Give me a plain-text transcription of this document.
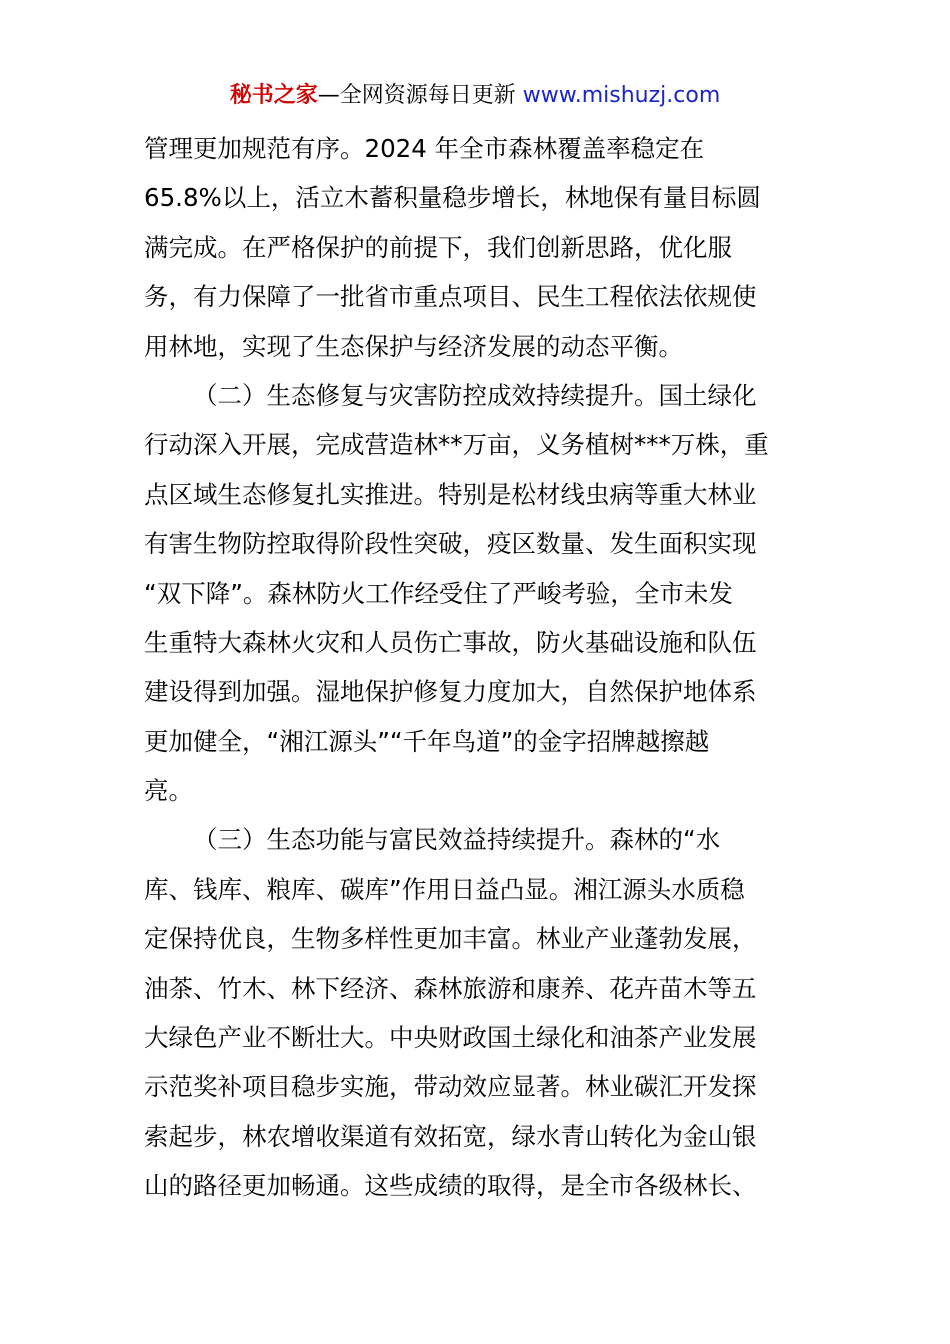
秘书之家—全网资源每日更新 www.mishuzj.com
管理更加规范有序。2024 年全市森林覆盖率稳定在
65.8%以上，活立木蓄积量稳步增长，林地保有量目标圆
满完成。在严格保护的前提下，我们创新思路，优化服
务，有力保障了一批省市重点项目、民生工程依法依规使
用林地，实现了生态保护与经济发展的动态平衡。
（二）生态修复与灾害防控成效持续提升。国土绿化
行动深入开展，完成营造林**万亩，义务植树***万株，重
点区域生态修复扎实推进。特别是松材线虫病等重大林业
有害生物防控取得阶段性突破，疫区数量、发生面积实现
“双下降”。森林防火工作经受住了严峻考验，全市未发
生重特大森林火灾和人员伤亡事故，防火基础设施和队伍
建设得到加强。湿地保护修复力度加大，自然保护地体系
更加健全，“湘江源头”“千年鸟道”的金字招牌越擦越
亮。
（三）生态功能与富民效益持续提升。森林的“水
库、钱库、粮库、碳库”作用日益凸显。湘江源头水质稳
定保持优良，生物多样性更加丰富。林业产业蓬勃发展，
油茶、竹木、林下经济、森林旅游和康养、花卉苗木等五
大绿色产业不断壮大。中央财政国土绿化和油茶产业发展
示范奖补项目稳步实施，带动效应显著。林业碳汇开发探
索起步，林农增收渠道有效拓宽，绿水青山转化为金山银
山的路径更加畅通。这些成绩的取得，是全市各级林长、
